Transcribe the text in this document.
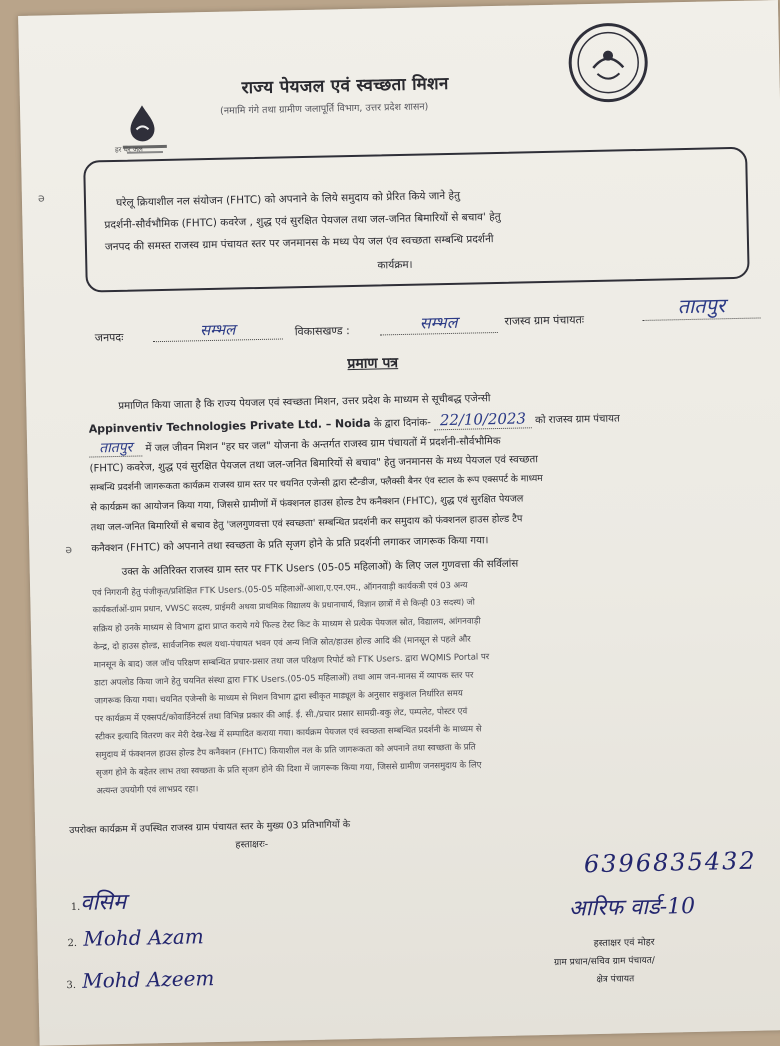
हर घर जल
राज्य पेयजल एवं स्वच्छता मिशन
(नमामि गंगे तथा ग्रामीण जलापूर्ति विभाग, उत्तर प्रदेश शासन)
घरेलू क्रियाशील नल संयोजन (FHTC) को अपनाने के लिये समुदाय को प्रेरित किये जाने हेतु
प्रदर्शनी-सौर्वभौमिक (FHTC) कवरेज , शुद्ध एवं सुरक्षित पेयजल तथा जल-जनित बिमारियों से बचाव' हेतु
जनपद की समस्त राजस्व ग्राम पंचायत स्तर पर जनमानस के मध्य पेय जल एंव स्वच्छता सम्बन्धि प्रदर्शनी
कार्यक्रम।
जनपदः	सम्भल	विकासखण्ड :	सम्भल	राजस्व ग्राम पंचायतः
तातपुर
प्रमाण पत्र
प्रमाणित किया जाता है कि राज्य पेयजल एवं स्वच्छता मिशन, उत्तर प्रदेश के माध्यम से सूचीबद्ध एजेन्सी
Appinventiv Technologies Private Ltd. – Noida के द्वारा दिनांक- 22/10/2023 को राजस्व ग्राम पंचायत
तातपुर में जल जीवन मिशन "हर घर जल" योजना के अन्तर्गत राजस्व ग्राम पंचायतों में प्रदर्शनी-सौर्वभौमिक
(FHTC) कवरेज, शुद्ध एवं सुरक्षित पेयजल तथा जल-जनित बिमारियों से बचाव" हेतु जनमानस के मध्य पेयजल एवं स्वच्छता
सम्बन्धि प्रदर्शनी जागरूकता कार्यक्रम राजस्व ग्राम स्तर पर चयनित एजेन्सी द्वारा स्टैन्डीज, फ्लैक्सी बैनर एंव स्टाल के रूप एक्सपर्ट के माध्यम
से कार्यक्रम का आयोजन किया गया, जिससे ग्रामीणों में फंक्शनल हाउस होल्ड टैप कनैक्शन (FHTC), शुद्ध एवं सुरक्षित पेयजल
तथा जल-जनित बिमारियों से बचाव हेतु 'जलगुणवत्ता एवं स्वच्छता' सम्बन्धित प्रदर्शनी कर समुदाय को फंक्शनल हाउस होल्ड टैप
कनैक्शन (FHTC) को अपनाने तथा स्वच्छता के प्रति सृजग होने के प्रति प्रदर्शनी लगाकर जागरूक किया गया।
उक्त के अतिरिक्त राजस्व ग्राम स्तर पर FTK Users (05-05 महिलाओं) के लिए जल गुणवत्ता की सर्विलांस
एवं निगरानी हेतु पंजीकृत/प्रशिक्षित FTK Users.(05-05 महिलाओं-आशा,ए.एन.एम., ऑगनवाड़ी कार्यकत्री एवं 03 अन्य
कार्यकर्ताओं-ग्राम प्रधान, VWSC सदस्य, प्राईमरी अथवा प्राथमिक विद्यालय के प्रधानाचार्य, विज्ञान छात्रों में से किन्ही 03 सदस्य) जो
सक्रिय हो उनके माध्यम से विभाग द्वारा प्राप्त कराये गये फिल्ड टेस्ट किट के माध्यम से प्रत्येक पेयजल स्रोत, विद्यालय, आंगनवाड़ी
केन्द्र, दो हाउस होल्ड, सार्वजनिक स्थल यथा-पंचायत भवन एवं अन्य निजि स्रोत/हाउस होल्ड आदि की (मानसून से पहले और
मानसून के बाद) जल जॉच परिक्षण सम्बन्धित प्रचार-प्रसार तथा जल परिक्षण रिपोर्ट को FTK Users. द्वारा WQMIS Portal पर
डाटा अपलोड किया जाने हेतु चयनित संस्था द्वारा FTK Users.(05-05 महिलाओं) तथा आम जन-मानस में व्यापक स्तर पर
जागरूक किया गया। चयनित एजेन्सी के माध्यम से मिशन विभाग द्वारा स्वीकृत माड्यूल के अनुसार सकुशल निर्धारित समय
पर कार्यक्रम में एक्सपर्ट/कोवार्डिनेटर्स तथा विभिन्न प्रकार की आई. ई. सी./प्रचार प्रसार सामग्री-बकु लेट, पम्पलेट, पोस्टर एवं
स्टीकर इत्यादि वितरण कर मेरी देख-रेख में सम्पादित कराया गया। कार्यक्रम पेयजल एवं स्वच्छता सम्बन्धित प्रदर्शनी के माध्यम से
समुदाय में फंक्शनल हाउस होल्ड टैप कनैक्शन (FHTC) कियाशील नल के प्रति जागरूकता को अपनाने तथा स्वच्छता के प्रति
सृजग होने के बहेतर लाभ तथा स्वच्छता के प्रति सृजग होने की दिशा में जागरूक किया गया, जिससे ग्रामीण जनसमुदाय के लिए
अत्यन्त उपयोगी एवं लाभप्रद रहा।
उपरोक्त कार्यक्रम में उपस्थित राजस्व ग्राम पंचायत स्तर के मुख्य 03 प्रतिभागियों के
हस्ताक्षरः-
1.वसिम
2. Mohd Azam
3. Mohd Azeem
6396835432
आरिफ वार्ड-10
हस्ताक्षर एवं मोहर
ग्राम प्रधान/सचिव ग्राम पंचायत/
क्षेत्र पंचायत
ə
ə
